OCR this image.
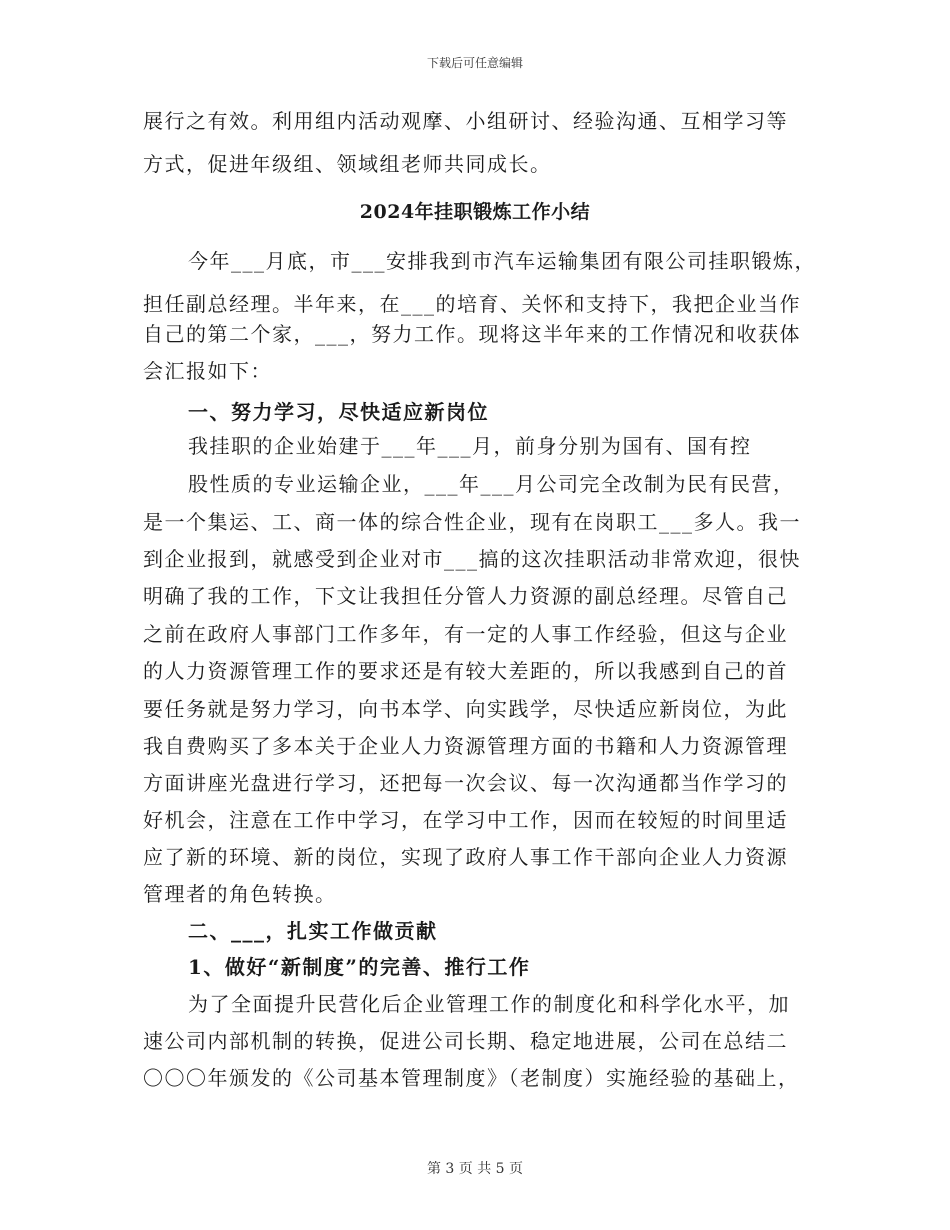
下载后可任意编辑
展行之有效。利用组内活动观摩、小组研讨、经验沟通、互相学习等
方式，促进年级组、领域组老师共同成长。
2024年挂职锻炼工作小结
今年___月底，市___安排我到市汽车运输集团有限公司挂职锻炼，
担任副总经理。半年来，在___的培育、关怀和支持下，我把企业当作
自己的第二个家，___，努力工作。现将这半年来的工作情况和收获体
会汇报如下：
一、努力学习，尽快适应新岗位
我挂职的企业始建于___年___月，前身分别为国有、国有控
股性质的专业运输企业，___年___月公司完全改制为民有民营，
是一个集运、工、商一体的综合性企业，现有在岗职工___多人。我一
到企业报到，就感受到企业对市___搞的这次挂职活动非常欢迎，很快
明确了我的工作，下文让我担任分管人力资源的副总经理。尽管自己
之前在政府人事部门工作多年，有一定的人事工作经验，但这与企业
的人力资源管理工作的要求还是有较大差距的，所以我感到自己的首
要任务就是努力学习，向书本学、向实践学，尽快适应新岗位，为此
我自费购买了多本关于企业人力资源管理方面的书籍和人力资源管理
方面讲座光盘进行学习，还把每一次会议、每一次沟通都当作学习的
好机会，注意在工作中学习，在学习中工作，因而在较短的时间里适
应了新的环境、新的岗位，实现了政府人事工作干部向企业人力资源
管理者的角色转换。
二、___，扎实工作做贡献
1、做好“新制度”的完善、推行工作
为了全面提升民营化后企业管理工作的制度化和科学化水平，加
速公司内部机制的转换，促进公司长期、稳定地进展，公司在总结二
〇〇〇年颁发的《公司基本管理制度》（老制度）实施经验的基础上，
第 3 页 共 5 页
